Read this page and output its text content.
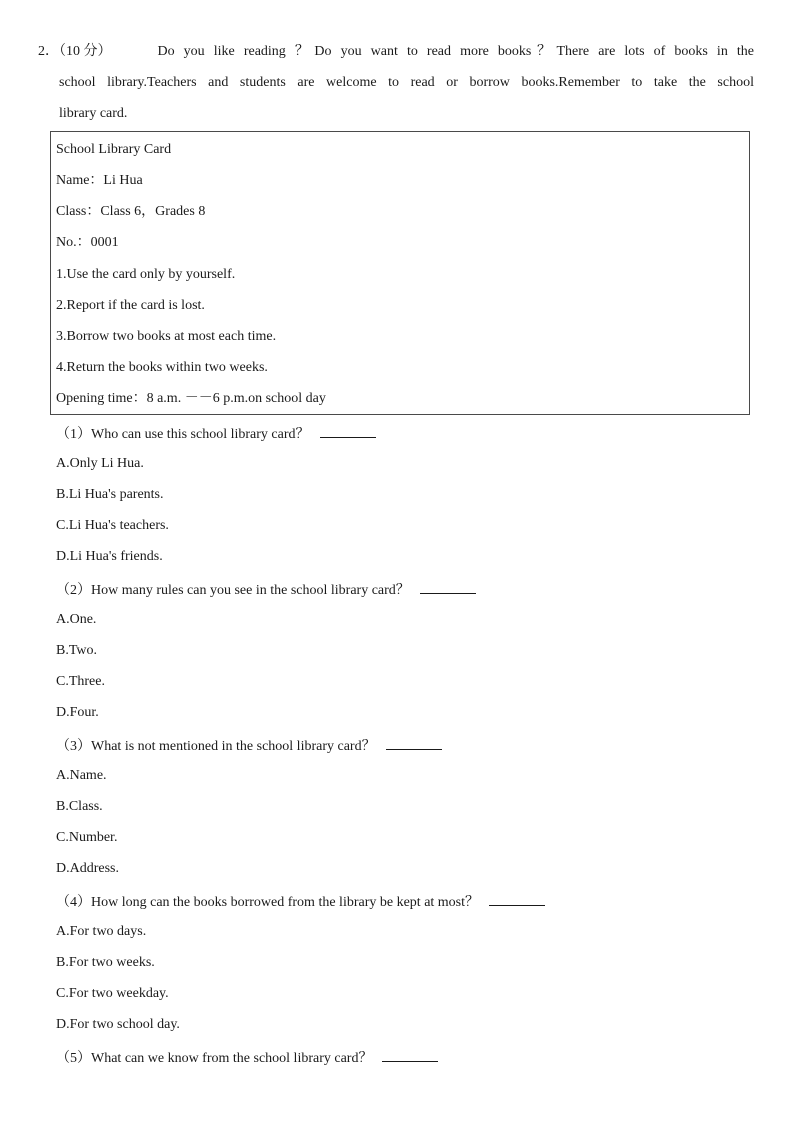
2．（10 分）	Do you like reading ？Do you want to read more books？There are lots of books in the
school library.Teachers and students are welcome to read or borrow books.Remember to take the school
library card.
School Library Card
Name：Li Hua
Class：Class 6，Grades 8
No.：0001
1.Use the card only by yourself.
2.Report if the card is lost.
3.Borrow two books at most each time.
4.Return the books within two weeks.
Opening time：8 a.m. －－6 p.m.on school day
（1）Who can use this school library card？
A.Only Li Hua.
B.Li Hua's parents.
C.Li Hua's teachers.
D.Li Hua's friends.
（2）How many rules can you see in the school library card？
A.One.
B.Two.
C.Three.
D.Four.
（3）What is not mentioned in the school library card？
A.Name.
B.Class.
C.Number.
D.Address.
（4）How long can the books borrowed from the library be kept at most？
A.For two days.
B.For two weeks.
C.For two weekday.
D.For two school day.
（5）What can we know from the school library card？
